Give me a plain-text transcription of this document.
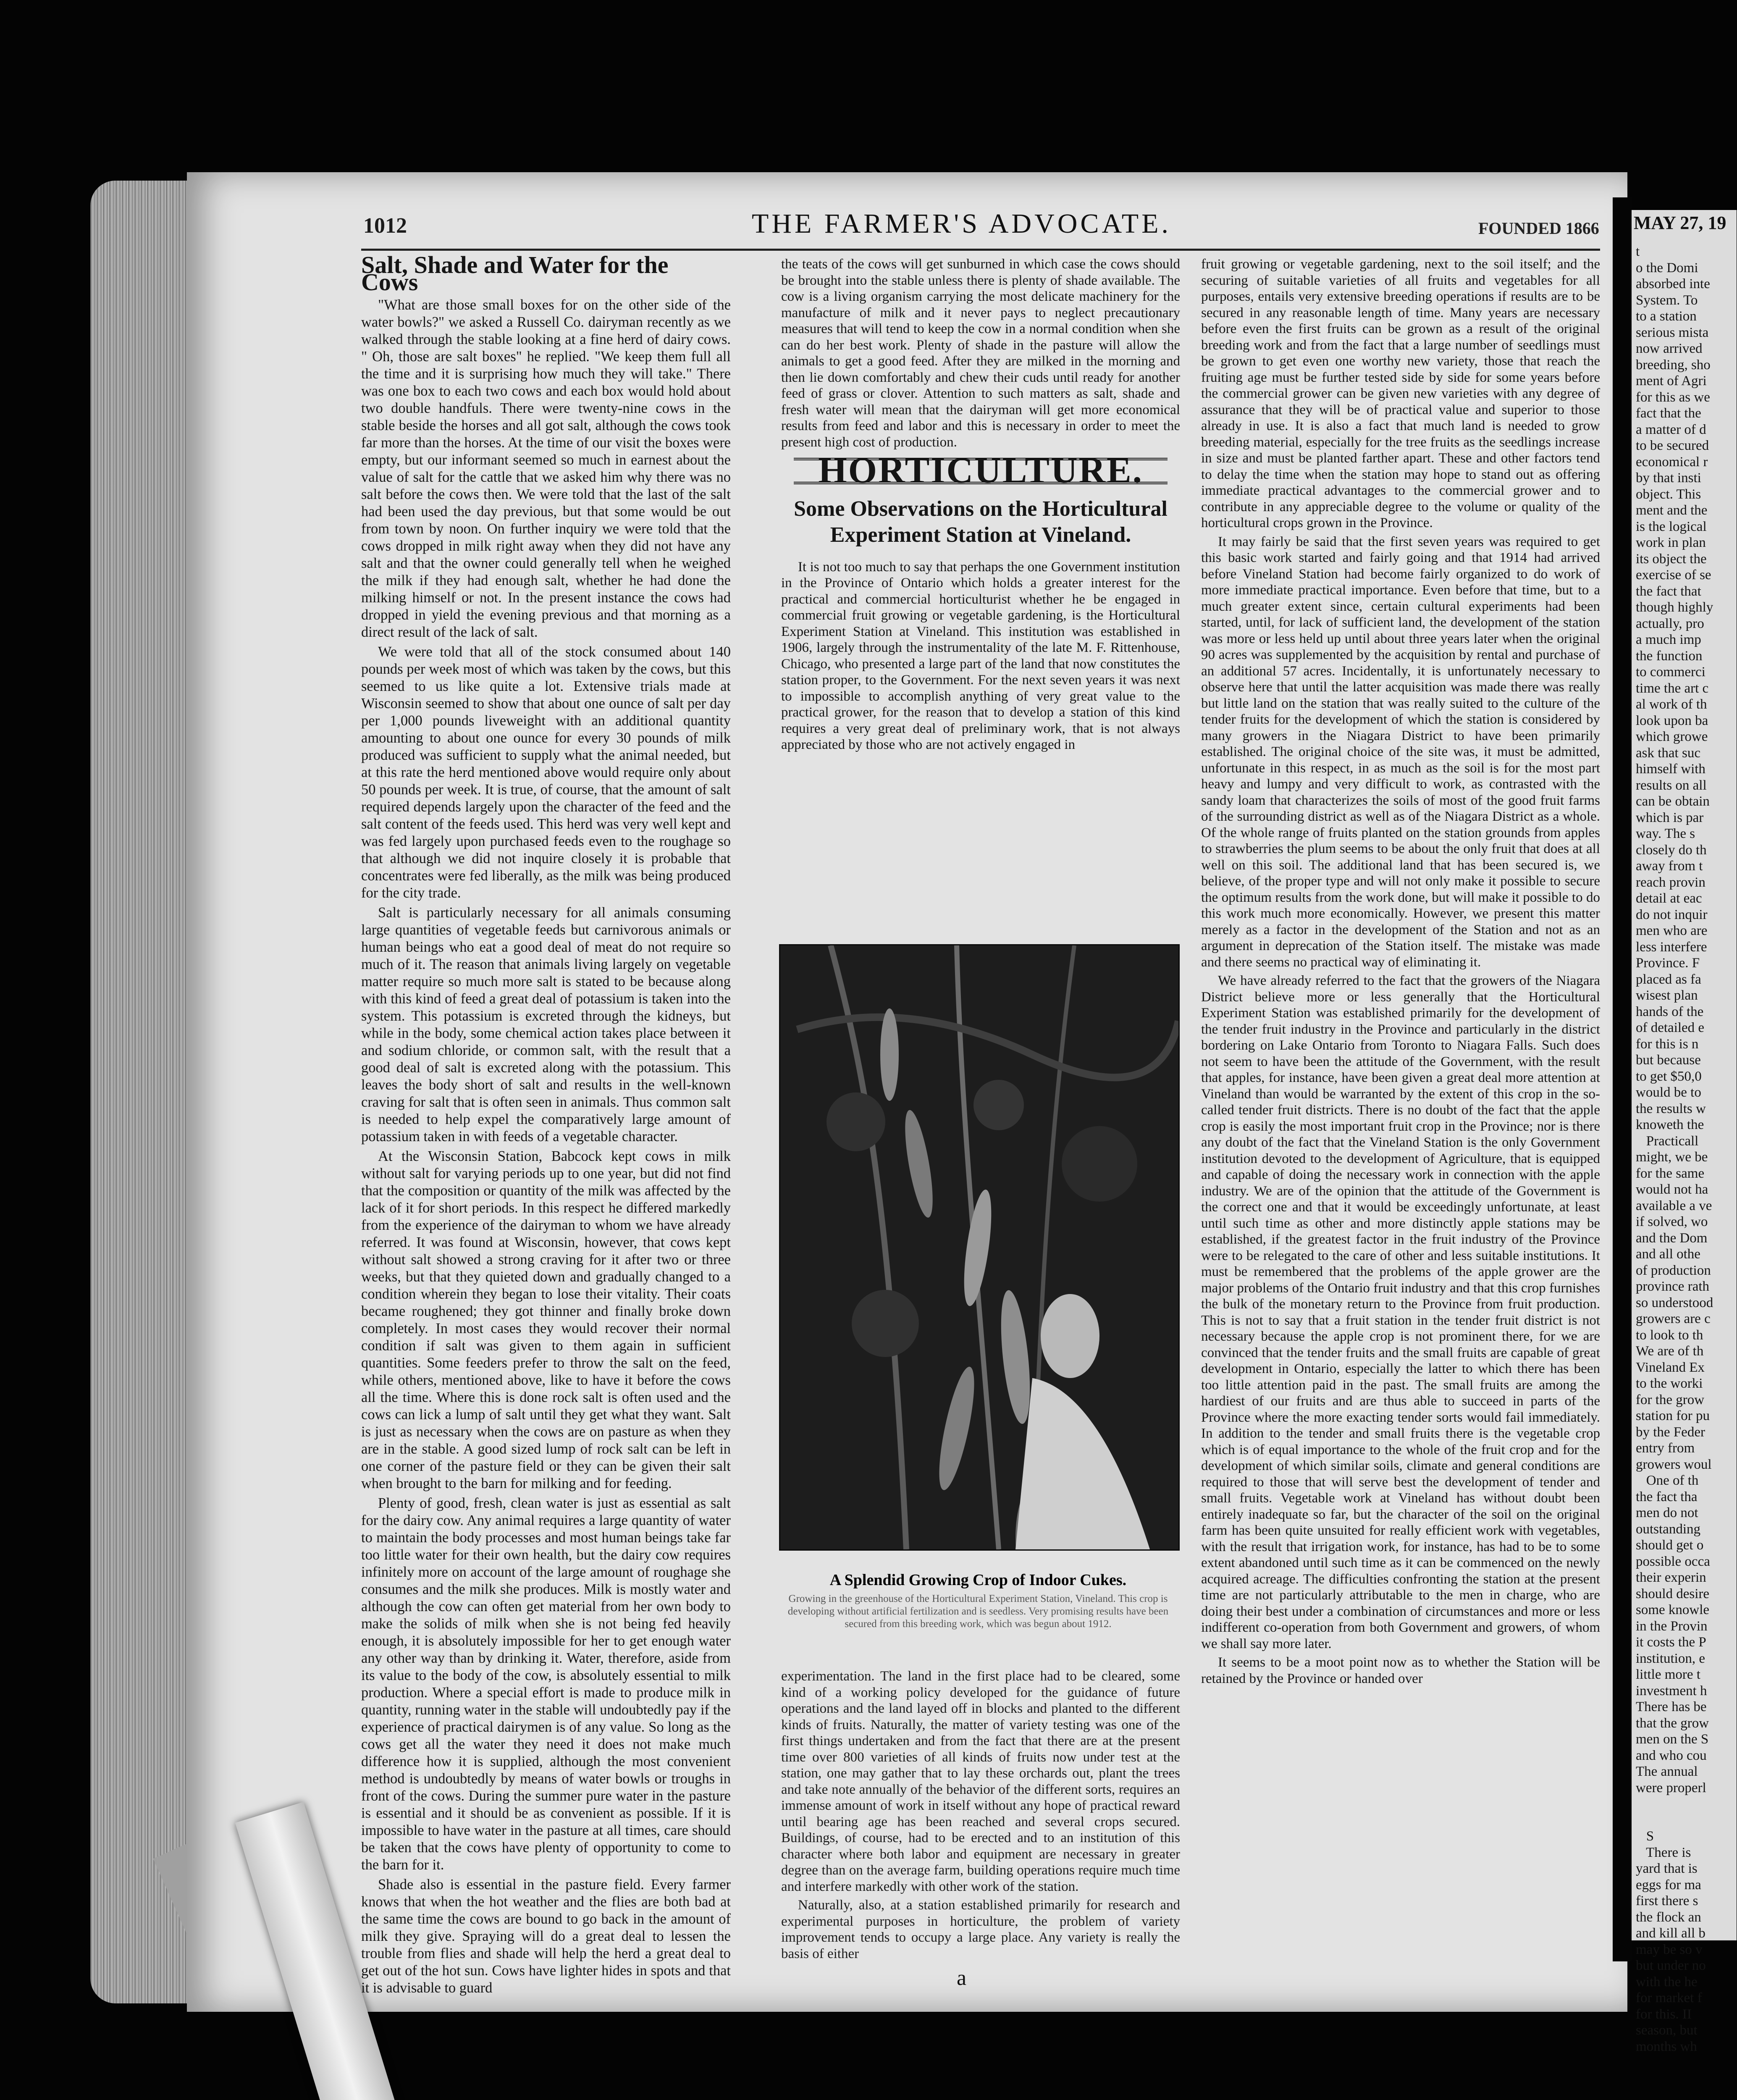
MAY 27, 19
t
o the Domi
absorbed inte
System. To
to a station
serious mista
now arrived
breeding, sho
ment of Agri
for this as we
fact that the
a matter of d
to be secured
economical r
by that insti
object. This
ment and the
is the logical
work in plan
its object the
exercise of se
the fact that
though highly
actually, pro
a much imp
the function
to commerci
time the art c
al work of th
look upon ba
which growe
ask that suc
himself with
results on all
can be obtain
which is par
way. The s
closely do th
away from t
reach provin
detail at eac
do not inquir
men who are
less interfere
Province. F
placed as fa
wisest plan
hands of the
of detailed e
for this is n
but because
to get $50,0
would be to
the results w
knoweth the
Practicall
might, we be
for the same
would not ha
available a ve
if solved, wo
and the Dom
and all othe
of production
province rath
so understood
growers are c
to look to th
We are of th
Vineland Ex
to the worki
for the grow
station for pu
by the Feder
entry from
growers woul
One of th
the fact tha
men do not
outstanding
should get o
possible occa
their experin
should desire
some knowle
in the Provin
it costs the P
institution, e
little more t
investment h
There has be
that the grow
men on the S
and who cou
The annual
were properl

S
There is
yard that is
eggs for ma
first there s
the flock an
and kill all b
may be so v
but under no
with the he
for market f
for this. II
season, but
months wh
1012	THE FARMER'S ADVOCATE.	FOUNDED 1866
Salt, Shade and Water for the Cows

"What are those small boxes for on the other side of the water bowls?" we asked a Russell Co. dairyman recently as we walked through the stable looking at a fine herd of dairy cows. " Oh, those are salt boxes" he replied. "We keep them full all the time and it is surprising how much they will take." There was one box to each two cows and each box would hold about two double handfuls. There were twenty-nine cows in the stable beside the horses and all got salt, although the cows took far more than the horses. At the time of our visit the boxes were empty, but our informant seemed so much in earnest about the value of salt for the cattle that we asked him why there was no salt before the cows then. We were told that the last of the salt had been used the day previous, but that some would be out from town by noon. On further inquiry we were told that the cows dropped in milk right away when they did not have any salt and that the owner could generally tell when he weighed the milk if they had enough salt, whether he had done the milking himself or not. In the present instance the cows had dropped in yield the evening previous and that morning as a direct result of the lack of salt.

We were told that all of the stock consumed about 140 pounds per week most of which was taken by the cows, but this seemed to us like quite a lot. Extensive trials made at Wisconsin seemed to show that about one ounce of salt per day per 1,000 pounds liveweight with an additional quantity amounting to about one ounce for every 30 pounds of milk produced was sufficient to supply what the animal needed, but at this rate the herd mentioned above would require only about 50 pounds per week. It is true, of course, that the amount of salt required depends largely upon the character of the feed and the salt content of the feeds used. This herd was very well kept and was fed largely upon purchased feeds even to the roughage so that although we did not inquire closely it is probable that concentrates were fed liberally, as the milk was being produced for the city trade.

Salt is particularly necessary for all animals consuming large quantities of vegetable feeds but carnivorous animals or human beings who eat a good deal of meat do not require so much of it. The reason that animals living largely on vegetable matter require so much more salt is stated to be because along with this kind of feed a great deal of potassium is taken into the system. This potassium is excreted through the kidneys, but while in the body, some chemical action takes place between it and sodium chloride, or common salt, with the result that a good deal of salt is excreted along with the potassium. This leaves the body short of salt and results in the well-known craving for salt that is often seen in animals. Thus common salt is needed to help expel the comparatively large amount of potassium taken in with feeds of a vegetable character.

At the Wisconsin Station, Babcock kept cows in milk without salt for varying periods up to one year, but did not find that the composition or quantity of the milk was affected by the lack of it for short periods. In this respect he differed markedly from the experience of the dairyman to whom we have already referred. It was found at Wisconsin, however, that cows kept without salt showed a strong craving for it after two or three weeks, but that they quieted down and gradually changed to a condition wherein they began to lose their vitality. Their coats became roughened; they got thinner and finally broke down completely. In most cases they would recover their normal condition if salt was given to them again in sufficient quantities. Some feeders prefer to throw the salt on the feed, while others, mentioned above, like to have it before the cows all the time. Where this is done rock salt is often used and the cows can lick a lump of salt until they get what they want. Salt is just as necessary when the cows are on pasture as when they are in the stable. A good sized lump of rock salt can be left in one corner of the pasture field or they can be given their salt when brought to the barn for milking and for feeding.

Plenty of good, fresh, clean water is just as essential as salt for the dairy cow. Any animal requires a large quantity of water to maintain the body processes and most human beings take far too little water for their own health, but the dairy cow requires infinitely more on account of the large amount of roughage she consumes and the milk she produces. Milk is mostly water and although the cow can often get material from her own body to make the solids of milk when she is not being fed heavily enough, it is absolutely impossible for her to get enough water any other way than by drinking it. Water, therefore, aside from its value to the body of the cow, is absolutely essential to milk production. Where a special effort is made to produce milk in quantity, running water in the stable will undoubtedly pay if the experience of practical dairymen is of any value. So long as the cows get all the water they need it does not make much difference how it is supplied, although the most convenient method is undoubtedly by means of water bowls or troughs in front of the cows. During the summer pure water in the pasture is essential and it should be as convenient as possible. If it is impossible to have water in the pasture at all times, care should be taken that the cows have plenty of opportunity to come to the barn for it.

Shade also is essential in the pasture field. Every farmer knows that when the hot weather and the flies are both bad at the same time the cows are bound to go back in the amount of milk they give. Spraying will do a great deal to lessen the trouble from flies and shade will help the herd a great deal to get out of the hot sun. Cows have lighter hides in spots and that it is advisable to guard

the teats of the cows will get sunburned in which case the cows should be brought into the stable unless there is plenty of shade available. The cow is a living organism carrying the most delicate machinery for the manufacture of milk and it never pays to neglect precautionary measures that will tend to keep the cow in a normal condition when she can do her best work. Plenty of shade in the pasture will allow the animals to get a good feed. After they are milked in the morning and then lie down comfortably and chew their cuds until ready for another feed of grass or clover. Attention to such matters as salt, shade and fresh water will mean that the dairyman will get more economical results from feed and labor and this is necessary in order to meet the present high cost of production.

HORTICULTURE.
Some Observations on the Horticultural Experiment Station at Vineland.

It is not too much to say that perhaps the one Government institution in the Province of Ontario which holds a greater interest for the practical and commercial horticulturist whether he be engaged in commercial fruit growing or vegetable gardening, is the Horticultural Experiment Station at Vineland. This institution was established in 1906, largely through the instrumentality of the late M. F. Rittenhouse, Chicago, who presented a large part of the land that now constitutes the station proper, to the Government. For the next seven years it was next to impossible to accomplish anything of very great value to the practical grower, for the reason that to develop a station of this kind requires a very great deal of preliminary work, that is not always appreciated by those who are not actively engaged in

A Splendid Growing Crop of Indoor Cukes.
Growing in the greenhouse of the Horticultural Experiment Station, Vineland. This crop is developing without artificial fertilization and is seedless. Very promising results have been secured from this breeding work, which was begun about 1912.

experimentation. The land in the first place had to be cleared, some kind of a working policy developed for the guidance of future operations and the land layed off in blocks and planted to the different kinds of fruits. Naturally, the matter of variety testing was one of the first things undertaken and from the fact that there are at the present time over 800 varieties of all kinds of fruits now under test at the station, one may gather that to lay these orchards out, plant the trees and take note annually of the behavior of the different sorts, requires an immense amount of work in itself without any hope of practical reward until bearing age has been reached and several crops secured. Buildings, of course, had to be erected and to an institution of this character where both labor and equipment are necessary in greater degree than on the average farm, building operations require much time and interfere markedly with other work of the station.

Naturally, also, at a station established primarily for research and experimental purposes in horticulture, the problem of variety improvement tends to occupy a large place. Any variety is really the basis of either

fruit growing or vegetable gardening, next to the soil itself; and the securing of suitable varieties of all fruits and vegetables for all purposes, entails very extensive breeding operations if results are to be secured in any reasonable length of time. Many years are necessary before even the first fruits can be grown as a result of the original breeding work and from the fact that a large number of seedlings must be grown to get even one worthy new variety, those that reach the fruiting age must be further tested side by side for some years before the commercial grower can be given new varieties with any degree of assurance that they will be of practical value and superior to those already in use. It is also a fact that much land is needed to grow breeding material, especially for the tree fruits as the seedlings increase in size and must be planted farther apart. These and other factors tend to delay the time when the station may hope to stand out as offering immediate practical advantages to the commercial grower and to contribute in any appreciable degree to the volume or quality of the horticultural crops grown in the Province.

It may fairly be said that the first seven years was required to get this basic work started and fairly going and that 1914 had arrived before Vineland Station had become fairly organized to do work of more immediate practical importance. Even before that time, but to a much greater extent since, certain cultural experiments had been started, until, for lack of sufficient land, the development of the station was more or less held up until about three years later when the original 90 acres was supplemented by the acquisition by rental and purchase of an additional 57 acres. Incidentally, it is unfortunately necessary to observe here that until the latter acquisition was made there was really but little land on the station that was really suited to the culture of the tender fruits for the development of which the station is considered by many growers in the Niagara District to have been primarily established. The original choice of the site was, it must be admitted, unfortunate in this respect, in as much as the soil is for the most part heavy and lumpy and very difficult to work, as contrasted with the sandy loam that characterizes the soils of most of the good fruit farms of the surrounding district as well as of the Niagara District as a whole. Of the whole range of fruits planted on the station grounds from apples to strawberries the plum seems to be about the only fruit that does at all well on this soil. The additional land that has been secured is, we believe, of the proper type and will not only make it possible to secure the optimum results from the work done, but will make it possible to do this work much more economically. However, we present this matter merely as a factor in the development of the Station and not as an argument in deprecation of the Station itself. The mistake was made and there seems no practical way of eliminating it.

We have already referred to the fact that the growers of the Niagara District believe more or less generally that the Horticultural Experiment Station was established primarily for the development of the tender fruit industry in the Province and particularly in the district bordering on Lake Ontario from Toronto to Niagara Falls. Such does not seem to have been the attitude of the Government, with the result that apples, for instance, have been given a great deal more attention at Vineland than would be warranted by the extent of this crop in the so-called tender fruit districts. There is no doubt of the fact that the apple crop is easily the most important fruit crop in the Province; nor is there any doubt of the fact that the Vineland Station is the only Government institution devoted to the development of Agriculture, that is equipped and capable of doing the necessary work in connection with the apple industry. We are of the opinion that the attitude of the Government is the correct one and that it would be exceedingly unfortunate, at least until such time as other and more distinctly apple stations may be established, if the greatest factor in the fruit industry of the Province were to be relegated to the care of other and less suitable institutions. It must be remembered that the problems of the apple grower are the major problems of the Ontario fruit industry and that this crop furnishes the bulk of the monetary return to the Province from fruit production. This is not to say that a fruit station in the tender fruit district is not necessary because the apple crop is not prominent there, for we are convinced that the tender fruits and the small fruits are capable of great development in Ontario, especially the latter to which there has been too little attention paid in the past. The small fruits are among the hardiest of our fruits and are thus able to succeed in parts of the Province where the more exacting tender sorts would fail immediately. In addition to the tender and small fruits there is the vegetable crop which is of equal importance to the whole of the fruit crop and for the development of which similar soils, climate and general conditions are required to those that will serve best the development of tender and small fruits. Vegetable work at Vineland has without doubt been entirely inadequate so far, but the character of the soil on the original farm has been quite unsuited for really efficient work with vegetables, with the result that irrigation work, for instance, has had to be to some extent abandoned until such time as it can be commenced on the newly acquired acreage. The difficulties confronting the station at the present time are not particularly attributable to the men in charge, who are doing their best under a combination of circumstances and more or less indifferent co-operation from both Government and growers, of whom we shall say more later.

It seems to be a moot point now as to whether the Station will be retained by the Province or handed over

a
